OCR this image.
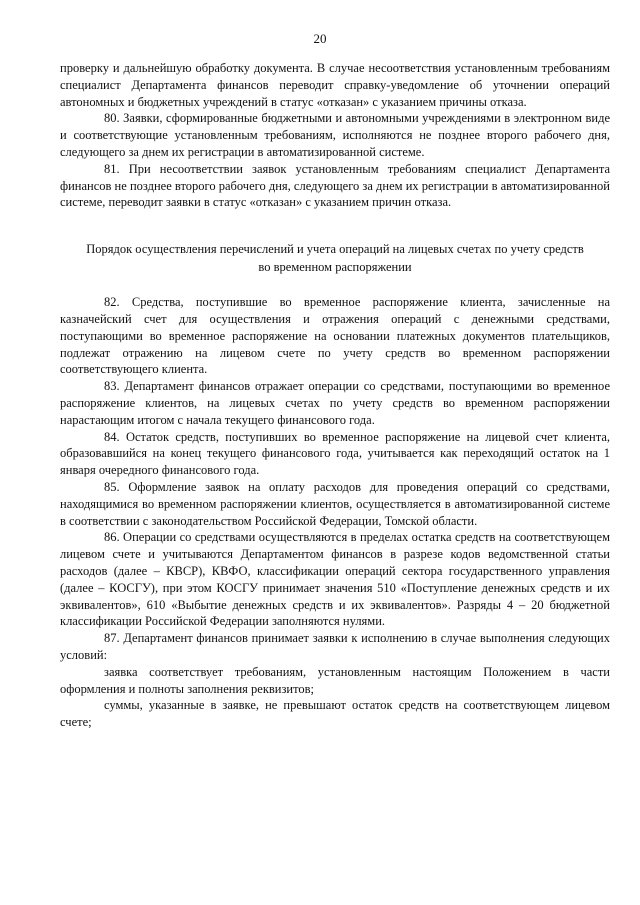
20

проверку и дальнейшую обработку документа. В случае несоответствия установленным требованиям специалист Департамента финансов переводит справку-уведомление об уточнении операций автономных и бюджетных учреждений в статус «отказан» с указанием причины отказа.

80. Заявки, сформированные бюджетными и автономными учреждениями в электронном виде и соответствующие установленным требованиям, исполняются не позднее второго рабочего дня, следующего за днем их регистрации в автоматизированной системе.

81. При несоответствии заявок установленным требованиям специалист Департамента финансов не позднее второго рабочего дня, следующего за днем их регистрации в автоматизированной системе, переводит заявки в статус «отказан» с указанием причин отказа.

Порядок осуществления перечислений и учета операций на лицевых счетах по учету средств во временном распоряжении

82. Средства, поступившие во временное распоряжение клиента, зачисленные на казначейский счет для осуществления и отражения операций с денежными средствами, поступающими во временное распоряжение на основании платежных документов плательщиков, подлежат отражению на лицевом счете по учету средств во временном распоряжении соответствующего клиента.

83. Департамент финансов отражает операции со средствами, поступающими во временное распоряжение клиентов, на лицевых счетах по учету средств во временном распоряжении нарастающим итогом с начала текущего финансового года.

84. Остаток средств, поступивших во временное распоряжение на лицевой счет клиента, образовавшийся на конец текущего финансового года, учитывается как переходящий остаток на 1 января очередного финансового года.

85. Оформление заявок на оплату расходов для проведения операций со средствами, находящимися во временном распоряжении клиентов, осуществляется в автоматизированной системе в соответствии с законодательством Российской Федерации, Томской области.

86. Операции со средствами осуществляются в пределах остатка средств на соответствующем лицевом счете и учитываются Департаментом финансов в разрезе кодов ведомственной статьи расходов (далее – КВСР), КВФО, классификации операций сектора государственного управления (далее – КОСГУ), при этом КОСГУ принимает значения 510 «Поступление денежных средств и их эквивалентов», 610 «Выбытие денежных средств и их эквивалентов». Разряды 4 – 20 бюджетной классификации Российской Федерации заполняются нулями.

87. Департамент финансов принимает заявки к исполнению в случае выполнения следующих условий:

заявка соответствует требованиям, установленным настоящим Положением в части оформления и полноты заполнения реквизитов;

суммы, указанные в заявке, не превышают остаток средств на соответствующем лицевом счете;
